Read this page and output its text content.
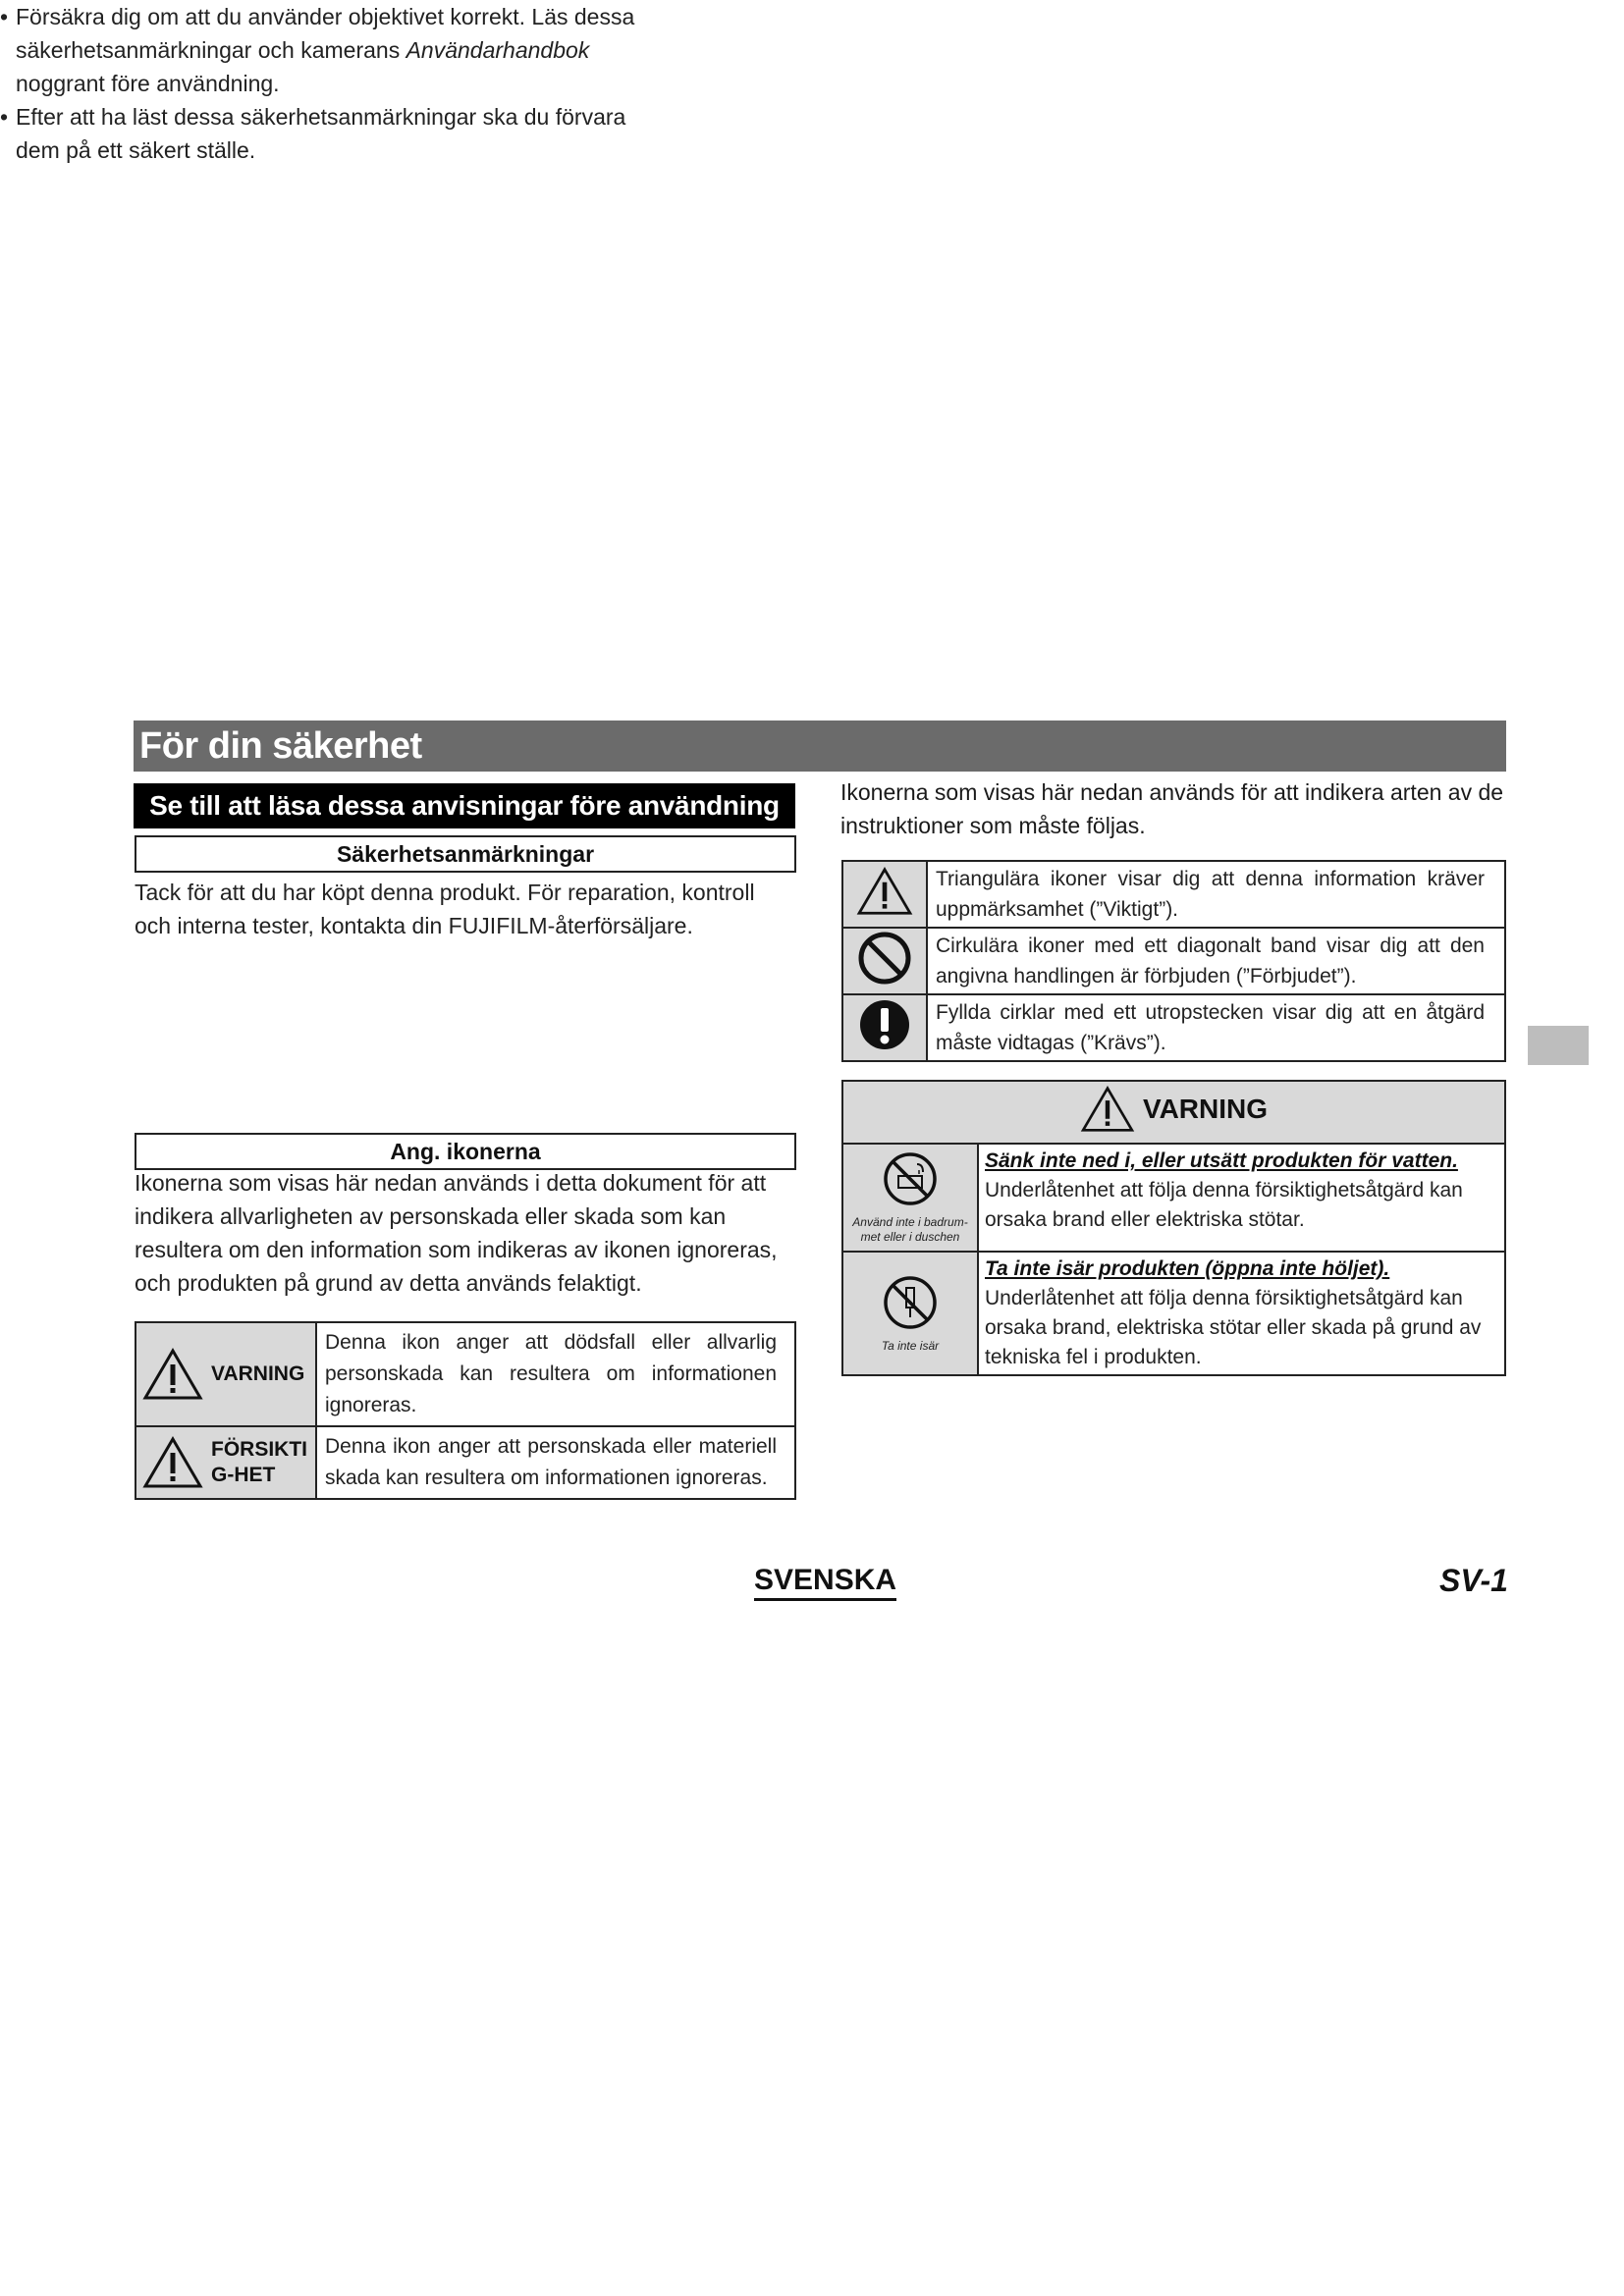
För din säkerhet
Se till att läsa dessa anvisningar före användning
Säkerhetsanmärkningar
Tack för att du har köpt denna produkt. För reparation, kontroll och interna tester, kontakta din FUJIFILM-återförsäljare.
• Försäkra dig om att du använder objektivet korrekt. Läs dessa säkerhetsanmärkningar och kamerans Användarhandbok noggrant före användning.
• Efter att ha läst dessa säkerhetsanmärkningar ska du förvara dem på ett säkert ställe.
Ang. ikonerna
Ikonerna som visas här nedan används i detta dokument för att indikera allvarligheten av personskada eller skada som kan resultera om den information som indikeras av ikonen ignoreras, och produkten på grund av detta används felaktigt.
VARNING	Denna ikon anger att dödsfall eller allvarlig personskada kan resultera om informationen ignoreras.

FÖRSIKTIG-HET	Denna ikon anger att personskada eller materiell skada kan resultera om informationen ignoreras.
Ikonerna som visas här nedan används för att indikera arten av de instruktioner som måste följas.
	Triangulära ikoner visar dig att denna information kräver uppmärksamhet (”Viktigt”).
	Cirkulära ikoner med ett diagonalt band visar dig att den angivna handlingen är förbjuden (”Förbjudet”).
	Fyllda cirklar med ett utropstecken visar dig att en åtgärd måste vidtagas (”Krävs”).
VARNING	

Använd inte i badrum-met eller i duschen	Sänk inte ned i, eller utsätt produkten för vatten. Underlåtenhet att följa denna försiktighetsåtgärd kan orsaka brand eller elektriska stötar.

Ta inte isär	Ta inte isär produkten (öppna inte höljet). Underlåtenhet att följa denna försiktighetsåtgärd kan orsaka brand, elektriska stötar eller skada på grund av tekniska fel i produkten.
SVENSKA	SV-1
